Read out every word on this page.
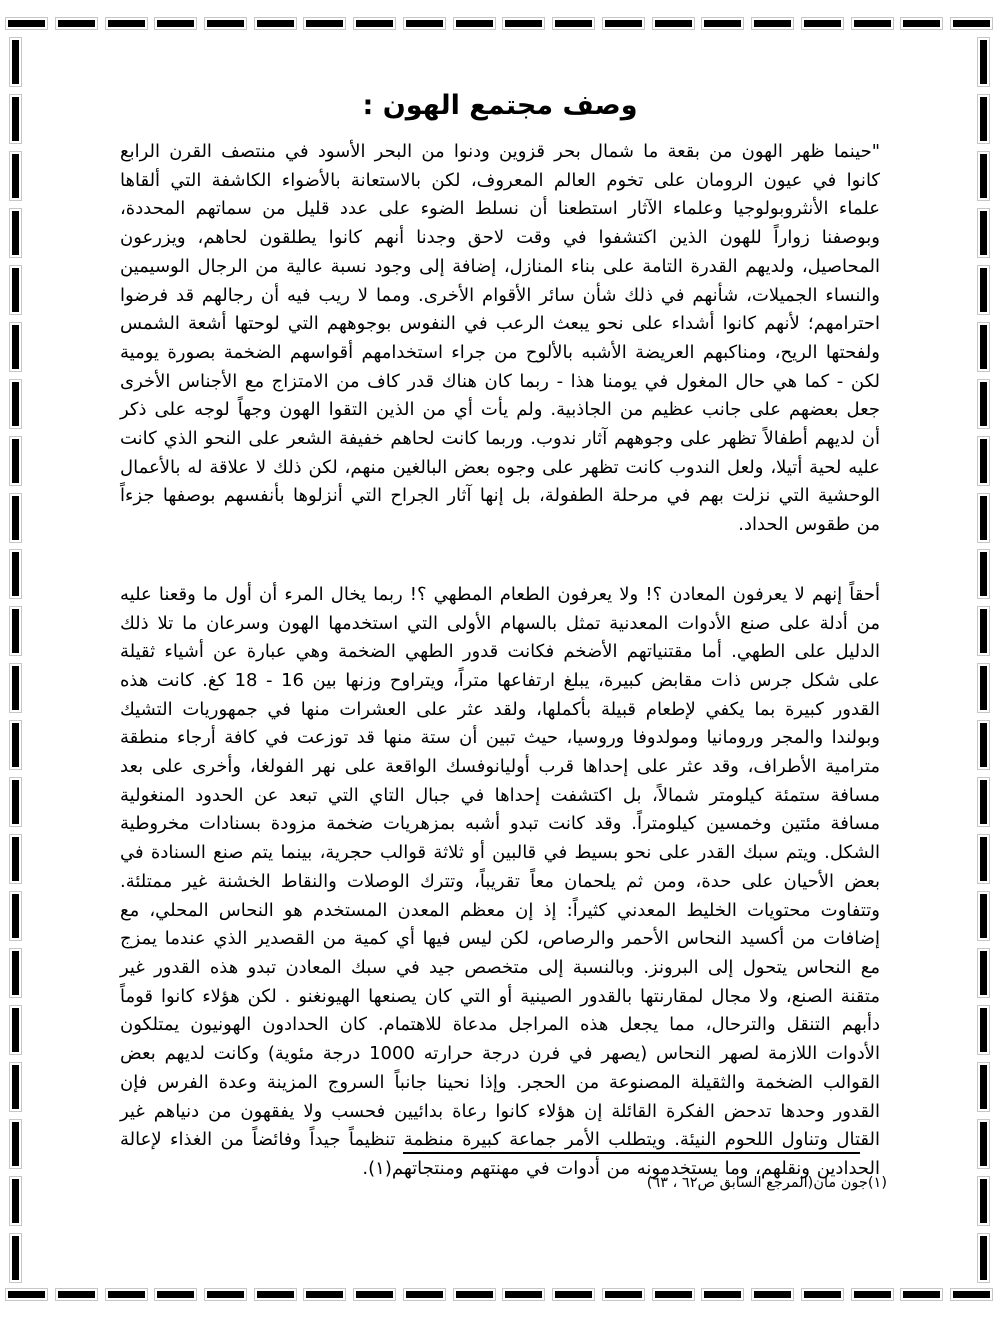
وصف مجتمع الهون :

"حينما ظهر الهون من بقعة ما شمال بحر قزوين ودنوا من البحر الأسود في منتصف القرن الرابع كانوا في عيون الرومان على تخوم العالم المعروف، لكن بالاستعانة بالأضواء الكاشفة التي ألقاها علماء الأنثروبولوجيا وعلماء الآثار استطعنا أن نسلط الضوء على عدد قليل من سماتهم المحددة، وبوصفنا زواراً للهون الذين اكتشفوا في وقت لاحق وجدنا أنهم كانوا يطلقون لحاهم، ويزرعون المحاصيل، ولديهم القدرة التامة على بناء المنازل، إضافة إلى وجود نسبة عالية من الرجال الوسيمين والنساء الجميلات، شأنهم في ذلك شأن سائر الأقوام الأخرى. ومما لا ريب فيه أن رجالهم قد فرضوا احترامهم؛ لأنهم كانوا أشداء على نحو يبعث الرعب في النفوس بوجوههم التي لوحتها أشعة الشمس ولفحتها الريح، ومناكبهم العريضة الأشبه بالألوح من جراء استخدامهم أقواسهم الضخمة بصورة يومية لكن - كما هي حال المغول في يومنا هذا - ربما كان هناك قدر كاف من الامتزاج مع الأجناس الأخرى جعل بعضهم على جانب عظيم من الجاذبية. ولم يأت أي من الذين التقوا الهون وجهاً لوجه على ذكر أن لديهم أطفالاً تظهر على وجوههم آثار ندوب. وربما كانت لحاهم خفيفة الشعر على النحو الذي كانت عليه لحية أتيلا، ولعل الندوب كانت تظهر على وجوه بعض البالغين منهم، لكن ذلك لا علاقة له بالأعمال الوحشية التي نزلت بهم في مرحلة الطفولة، بل إنها آثار الجراح التي أنزلوها بأنفسهم بوصفها جزءاً من طقوس الحداد.

أحقاً إنهم لا يعرفون المعادن ؟! ولا يعرفون الطعام المطهي ؟! ربما يخال المرء أن أول ما وقعنا عليه من أدلة على صنع الأدوات المعدنية تمثل بالسهام الأولى التي استخدمها الهون وسرعان ما تلا ذلك الدليل على الطهي. أما مقتنياتهم الأضخم فكانت قدور الطهي الضخمة وهي عبارة عن أشياء ثقيلة على شكل جرس ذات مقابض كبيرة، يبلغ ارتفاعها متراً، ويتراوح وزنها بين 16 - 18 كغ. كانت هذه القدور كبيرة بما يكفي لإطعام قبيلة بأكملها، ولقد عثر على العشرات منها في جمهوريات التشيك وبولندا والمجر ورومانيا ومولدوفا وروسيا، حيث تبين أن ستة منها قد توزعت في كافة أرجاء منطقة مترامية الأطراف، وقد عثر على إحداها قرب أوليانوفسك الواقعة على نهر الفولغا، وأخرى على بعد مسافة ستمئة كيلومتر شمالاً، بل اكتشفت إحداها في جبال التاي التي تبعد عن الحدود المنغولية مسافة مئتين وخمسين كيلومتراً. وقد كانت تبدو أشبه بمزهريات ضخمة مزودة بسنادات مخروطية الشكل. ويتم سبك القدر على نحو بسيط في قالبين أو ثلاثة قوالب حجرية، بينما يتم صنع السنادة في بعض الأحيان على حدة، ومن ثم يلحمان معاً تقريباً، وتترك الوصلات والنقاط الخشنة غير ممتلئة. وتتفاوت محتويات الخليط المعدني كثيراً: إذ إن معظم المعدن المستخدم هو النحاس المحلي، مع إضافات من أكسيد النحاس الأحمر والرصاص، لكن ليس فيها أي كمية من القصدير الذي عندما يمزج مع النحاس يتحول إلى البرونز. وبالنسبة إلى متخصص جيد في سبك المعادن تبدو هذه القدور غير متقنة الصنع، ولا مجال لمقارنتها بالقدور الصينية أو التي كان يصنعها الهيونغنو . لكن هؤلاء كانوا قوماً دأبهم التنقل والترحال، مما يجعل هذه المراجل مدعاة للاهتمام. كان الحدادون الهونيون يمتلكون الأدوات اللازمة لصهر النحاس (يصهر في فرن درجة حرارته 1000 درجة مئوية) وكانت لديهم بعض القوالب الضخمة والثقيلة المصنوعة من الحجر. وإذا نحينا جانباً السروج المزينة وعدة الفرس فإن القدور وحدها تدحض الفكرة القائلة إن هؤلاء كانوا رعاة بدائيين فحسب ولا يفقهون من دنياهم غير القتال وتناول اللحوم النيئة. ويتطلب الأمر جماعة كبيرة منظمة تنظيماً جيداً وفائضاً من الغذاء لإعالة الحدادين ونقلهم، وما يستخدمونه من أدوات في مهنتهم ومنتجاتهم(١).

(١)جون مان(المرجع السابق ص٦٢ ، ٦٣)
